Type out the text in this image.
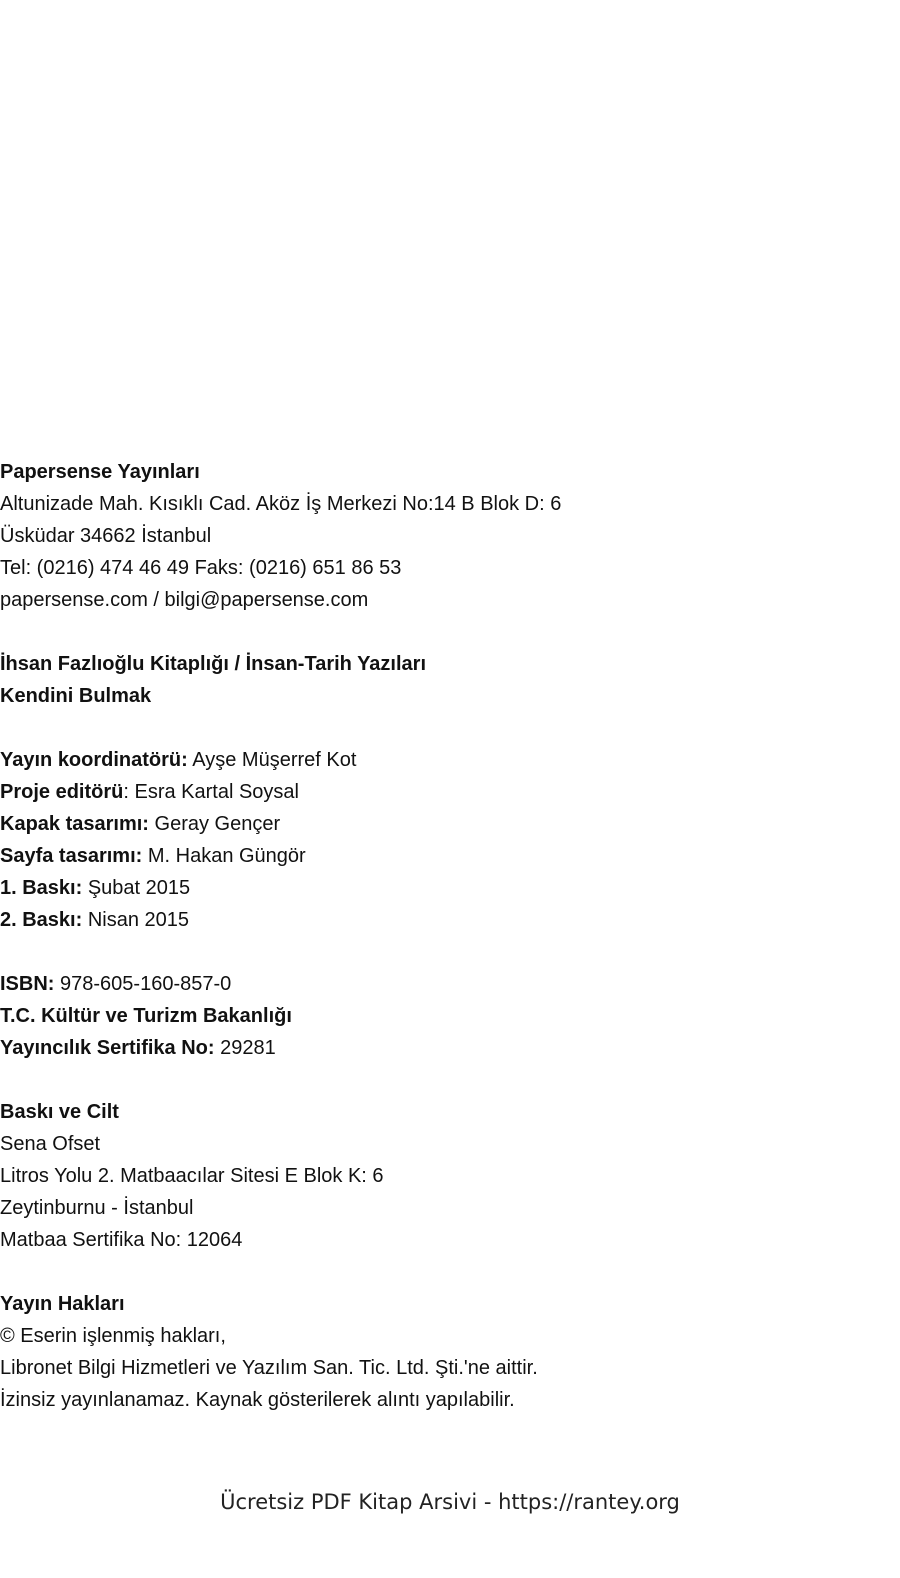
Papersense Yayınları
Altunizade Mah. Kısıklı Cad. Aköz İş Merkezi No:14 B Blok D: 6
Üsküdar 34662 İstanbul
Tel: (0216) 474 46 49 Faks: (0216) 651 86 53
papersense.com / bilgi@papersense.com
İhsan Fazlıoğlu Kitaplığı / İnsan-Tarih Yazıları
Kendini Bulmak
Yayın koordinatörü: Ayşe Müşerref Kot
Proje editörü: Esra Kartal Soysal
Kapak tasarımı: Geray Gençer
Sayfa tasarımı: M. Hakan Güngör
1. Baskı: Şubat 2015
2. Baskı: Nisan 2015
ISBN: 978-605-160-857-0
T.C. Kültür ve Turizm Bakanlığı
Yayıncılık Sertifika No: 29281
Baskı ve Cilt
Sena Ofset
Litros Yolu 2. Matbaacılar Sitesi E Blok K: 6
Zeytinburnu - İstanbul
Matbaa Sertifika No: 12064
Yayın Hakları
© Eserin işlenmiş hakları,
Libronet Bilgi Hizmetleri ve Yazılım San. Tic. Ltd. Şti.'ne aittir.
İzinsiz yayınlanamaz. Kaynak gösterilerek alıntı yapılabilir.
Ücretsiz PDF Kitap Arsivi - https://rantey.org
